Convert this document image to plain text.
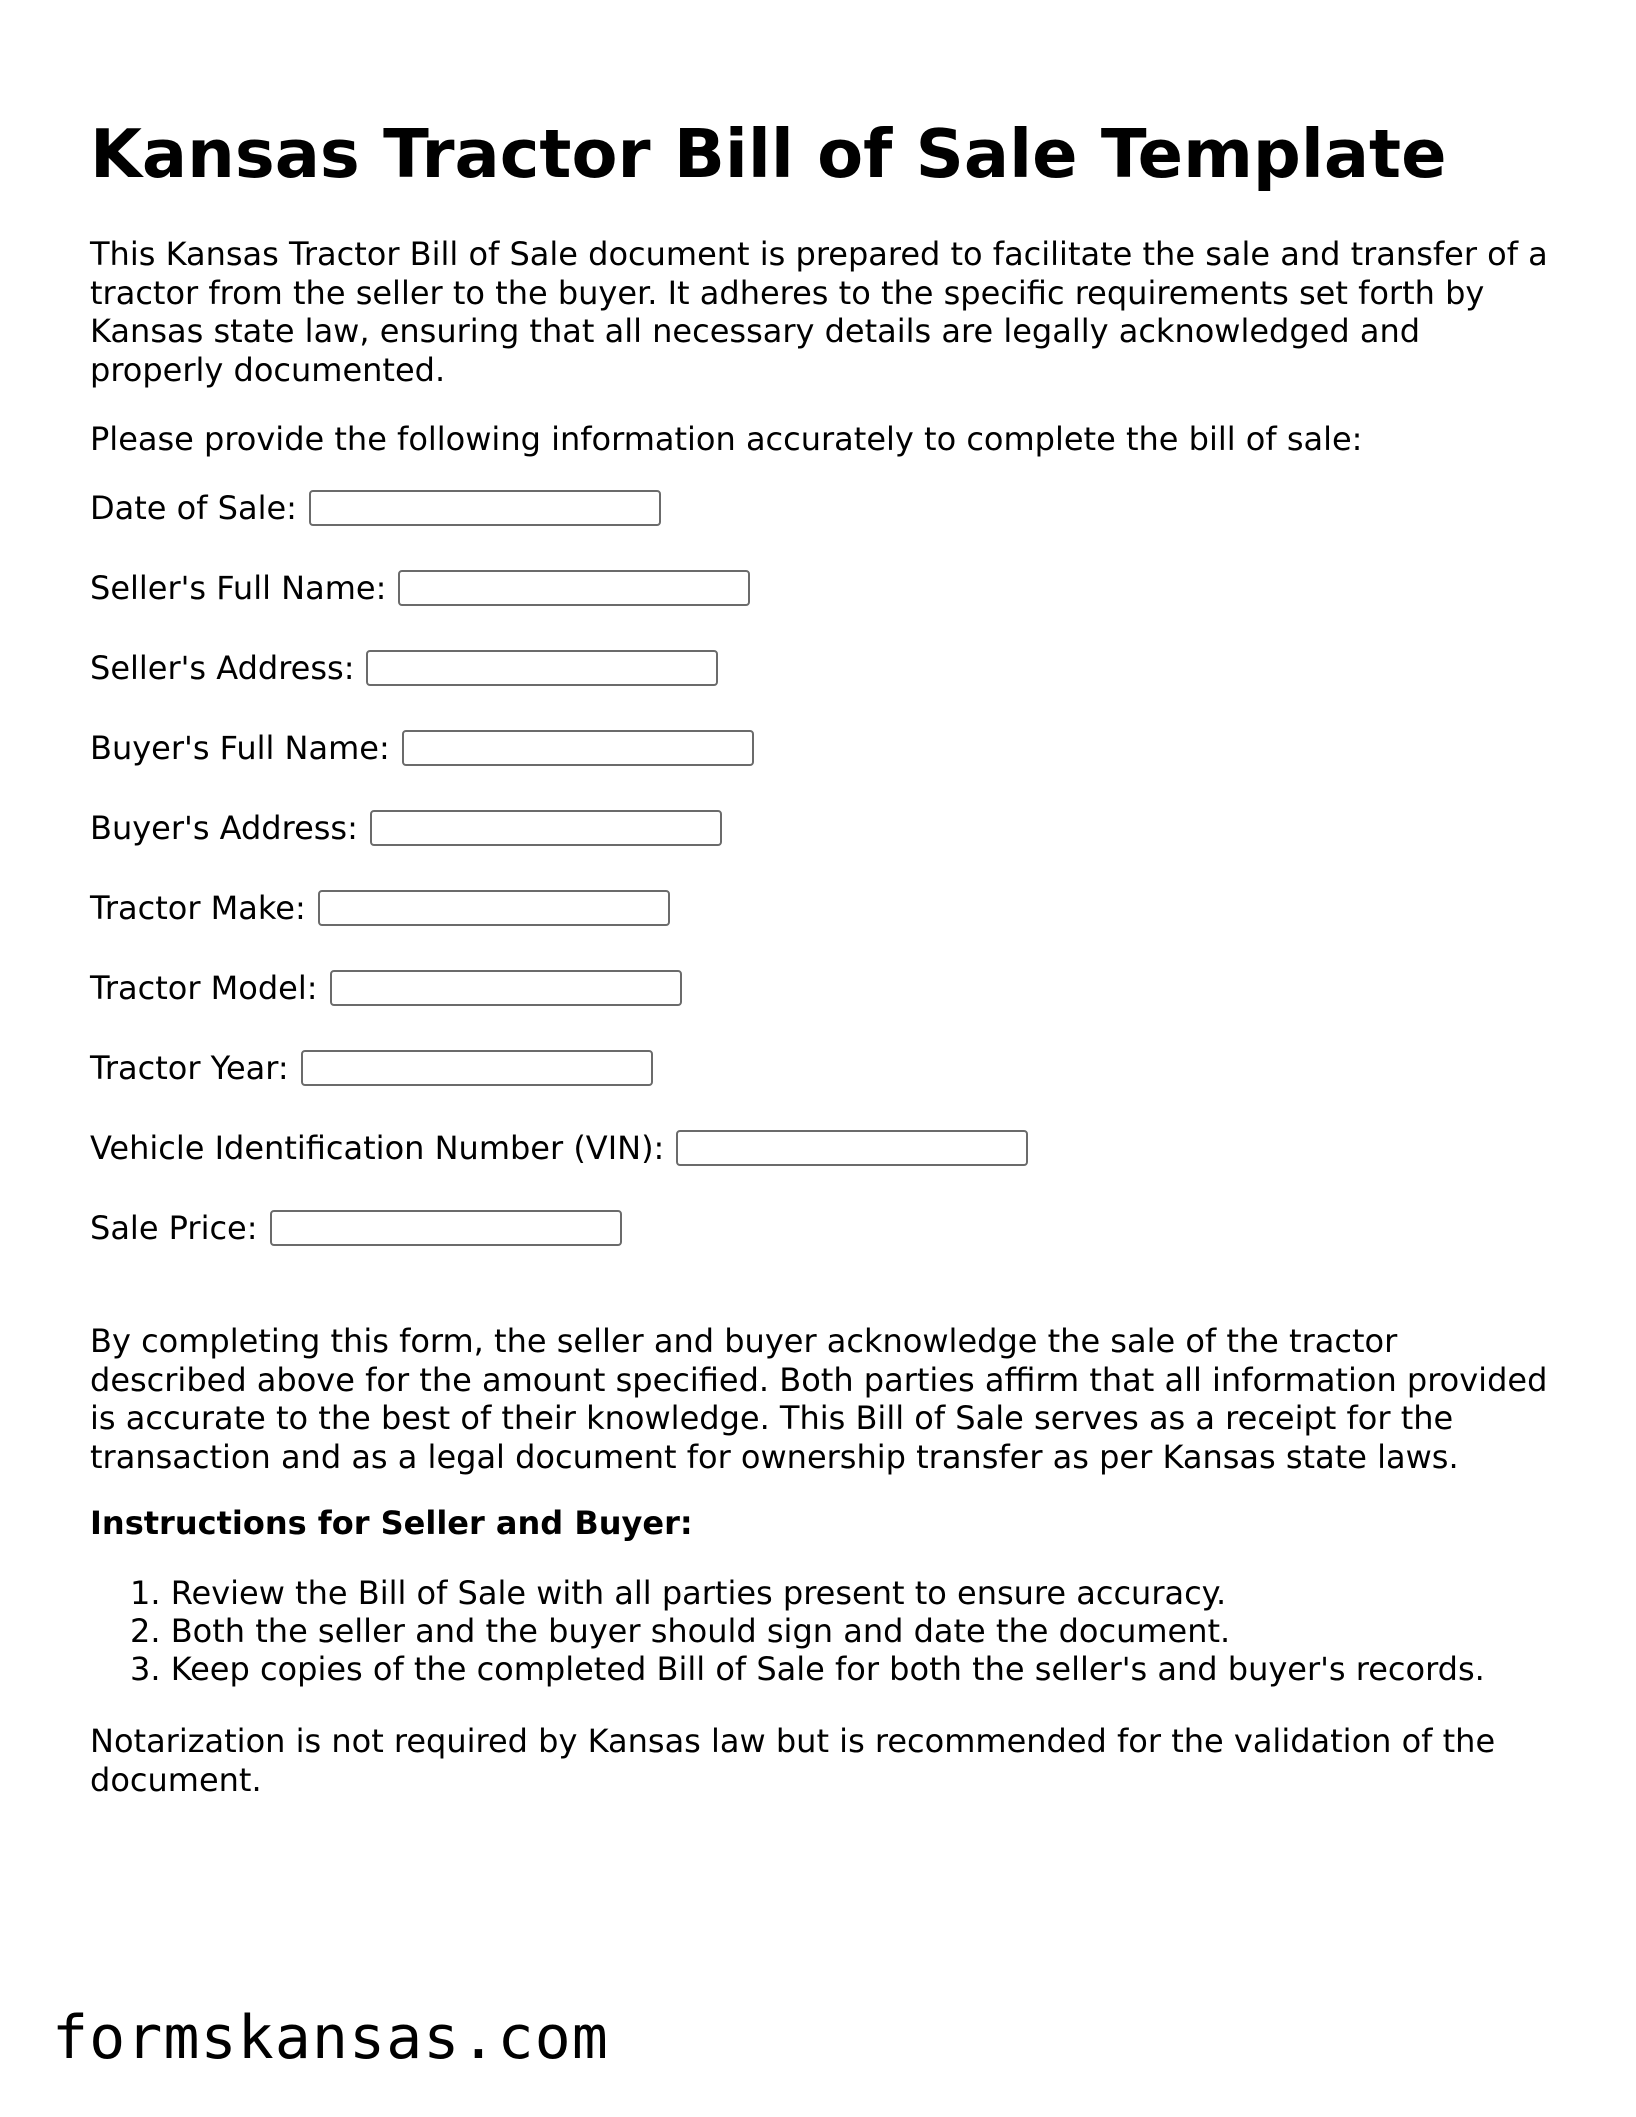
Kansas Tractor Bill of Sale Template

This Kansas Tractor Bill of Sale document is prepared to facilitate the sale and transfer of a tractor from the seller to the buyer. It adheres to the specific requirements set forth by Kansas state law, ensuring that all necessary details are legally acknowledged and properly documented.

Please provide the following information accurately to complete the bill of sale:

Date of Sale:
Seller's Full Name:
Seller's Address:
Buyer's Full Name:
Buyer's Address:
Tractor Make:
Tractor Model:
Tractor Year:
Vehicle Identification Number (VIN):
Sale Price:

By completing this form, the seller and buyer acknowledge the sale of the tractor described above for the amount specified. Both parties affirm that all information provided is accurate to the best of their knowledge. This Bill of Sale serves as a receipt for the transaction and as a legal document for ownership transfer as per Kansas state laws.

Instructions for Seller and Buyer:

1. Review the Bill of Sale with all parties present to ensure accuracy.
2. Both the seller and the buyer should sign and date the document.
3. Keep copies of the completed Bill of Sale for both the seller's and buyer's records.

Notarization is not required by Kansas law but is recommended for the validation of the document.

formskansas.com
